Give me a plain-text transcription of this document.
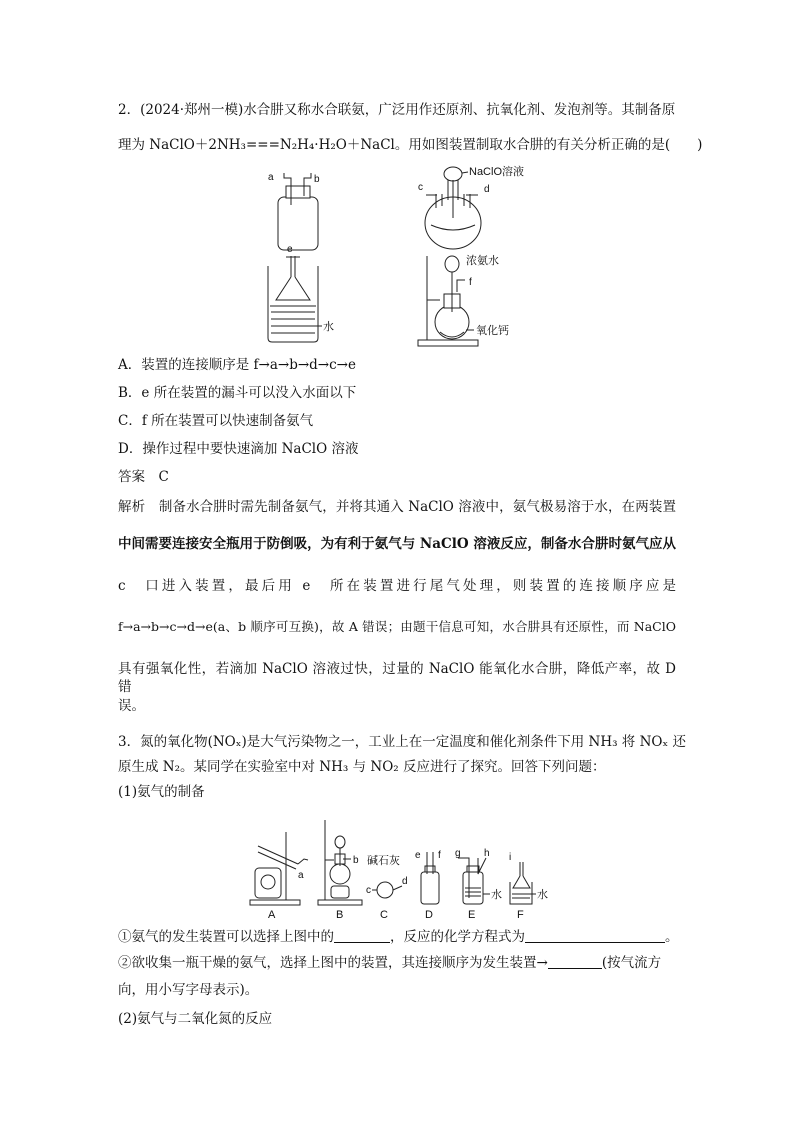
2．(2024·郑州一模)水合肼又称水合联氨，广泛用作还原剂、抗氧化剂、发泡剂等。其制备原
理为 NaClO＋2NH₃===N₂H₄·H₂O＋NaCl。用如图装置制取水合肼的有关分析正确的是(　　)
a	b
NaClO溶液
c	d
e
水
浓氨水
f
氧化钙
A．装置的连接顺序是 f→a→b→d→c→e
B．e 所在装置的漏斗可以没入水面以下
C．f 所在装置可以快速制备氨气
D．操作过程中要快速滴加 NaClO 溶液
答案　C
解析　制备水合肼时需先制备氨气，并将其通入 NaClO 溶液中，氨气极易溶于水，在两装置
中间需要连接安全瓶用于防倒吸，为有利于氨气与 NaClO 溶液反应，制备水合肼时氨气应从
c　口进入装置，最后用 e　所在装置进行尾气处理，则装置的连接顺序应是
f→a→b→c→d→e(a、b 顺序可互换)，故 A 错误；由题干信息可知，水合肼具有还原性，而 NaClO
具有强氧化性，若滴加 NaClO 溶液过快，过量的 NaClO 能氧化水合肼，降低产率，故 D 错
误。
3．氮的氧化物(NOₓ)是大气污染物之一，工业上在一定温度和催化剂条件下用 NH₃ 将 NOₓ 还
原生成 N₂。某同学在实验室中对 NH₃ 与 NO₂ 反应进行了探究。回答下列问题：
(1)氨气的制备
a
A
b
B
碱石灰
c
d
C
e f
D
g h
水
E
i
水
F
①氨气的发生装置可以选择上图中的	，反应的化学方程式为	。
②欲收集一瓶干燥的氨气，选择上图中的装置，其连接顺序为发生装置→	(按气流方
向，用小写字母表示)。
(2)氨气与二氧化氮的反应
